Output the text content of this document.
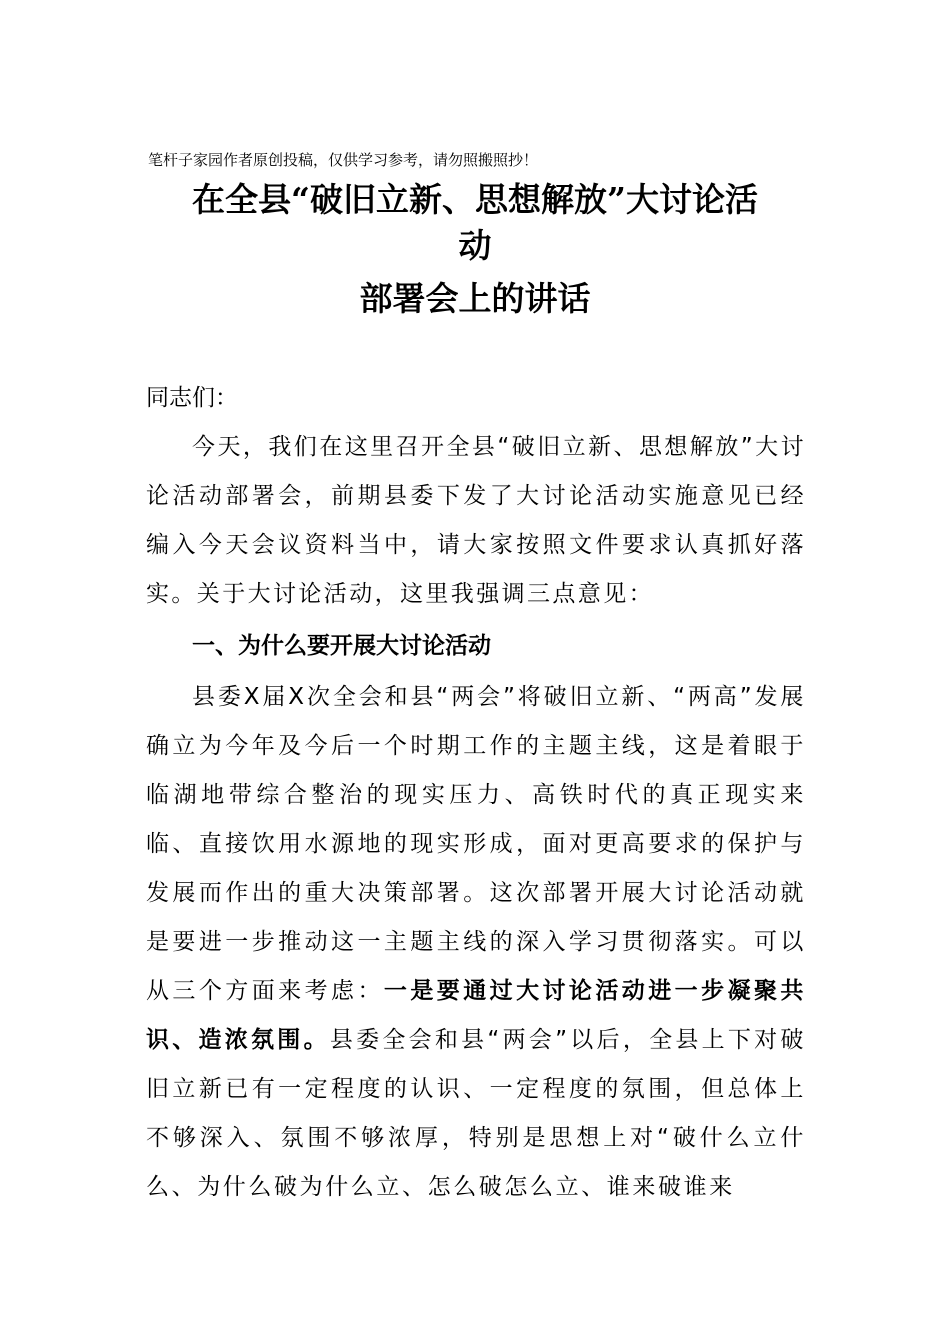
笔杆子家园作者原创投稿，仅供学习参考，请勿照搬照抄！
在全县“破旧立新、思想解放”大讨论活
动
部署会上的讲话
同志们：
今天，我们在这里召开全县“破旧立新、思想解放”大讨论活动部署会，前期县委下发了大讨论活动实施意见已经编入今天会议资料当中，请大家按照文件要求认真抓好落实。关于大讨论活动，这里我强调三点意见：
一、为什么要开展大讨论活动
县委X届X次全会和县“两会”将破旧立新、“两高”发展确立为今年及今后一个时期工作的主题主线，这是着眼于临湖地带综合整治的现实压力、高铁时代的真正现实来临、直接饮用水源地的现实形成，面对更高要求的保护与发展而作出的重大决策部署。这次部署开展大讨论活动就是要进一步推动这一主题主线的深入学习贯彻落实。可以从三个方面来考虑：一是要通过大讨论活动进一步凝聚共识、造浓氛围。县委全会和县“两会”以后，全县上下对破旧立新已有一定程度的认识、一定程度的氛围，但总体上不够深入、氛围不够浓厚，特别是思想上对“破什么立什么、为什么破为什么立、怎么破怎么立、谁来破谁来
